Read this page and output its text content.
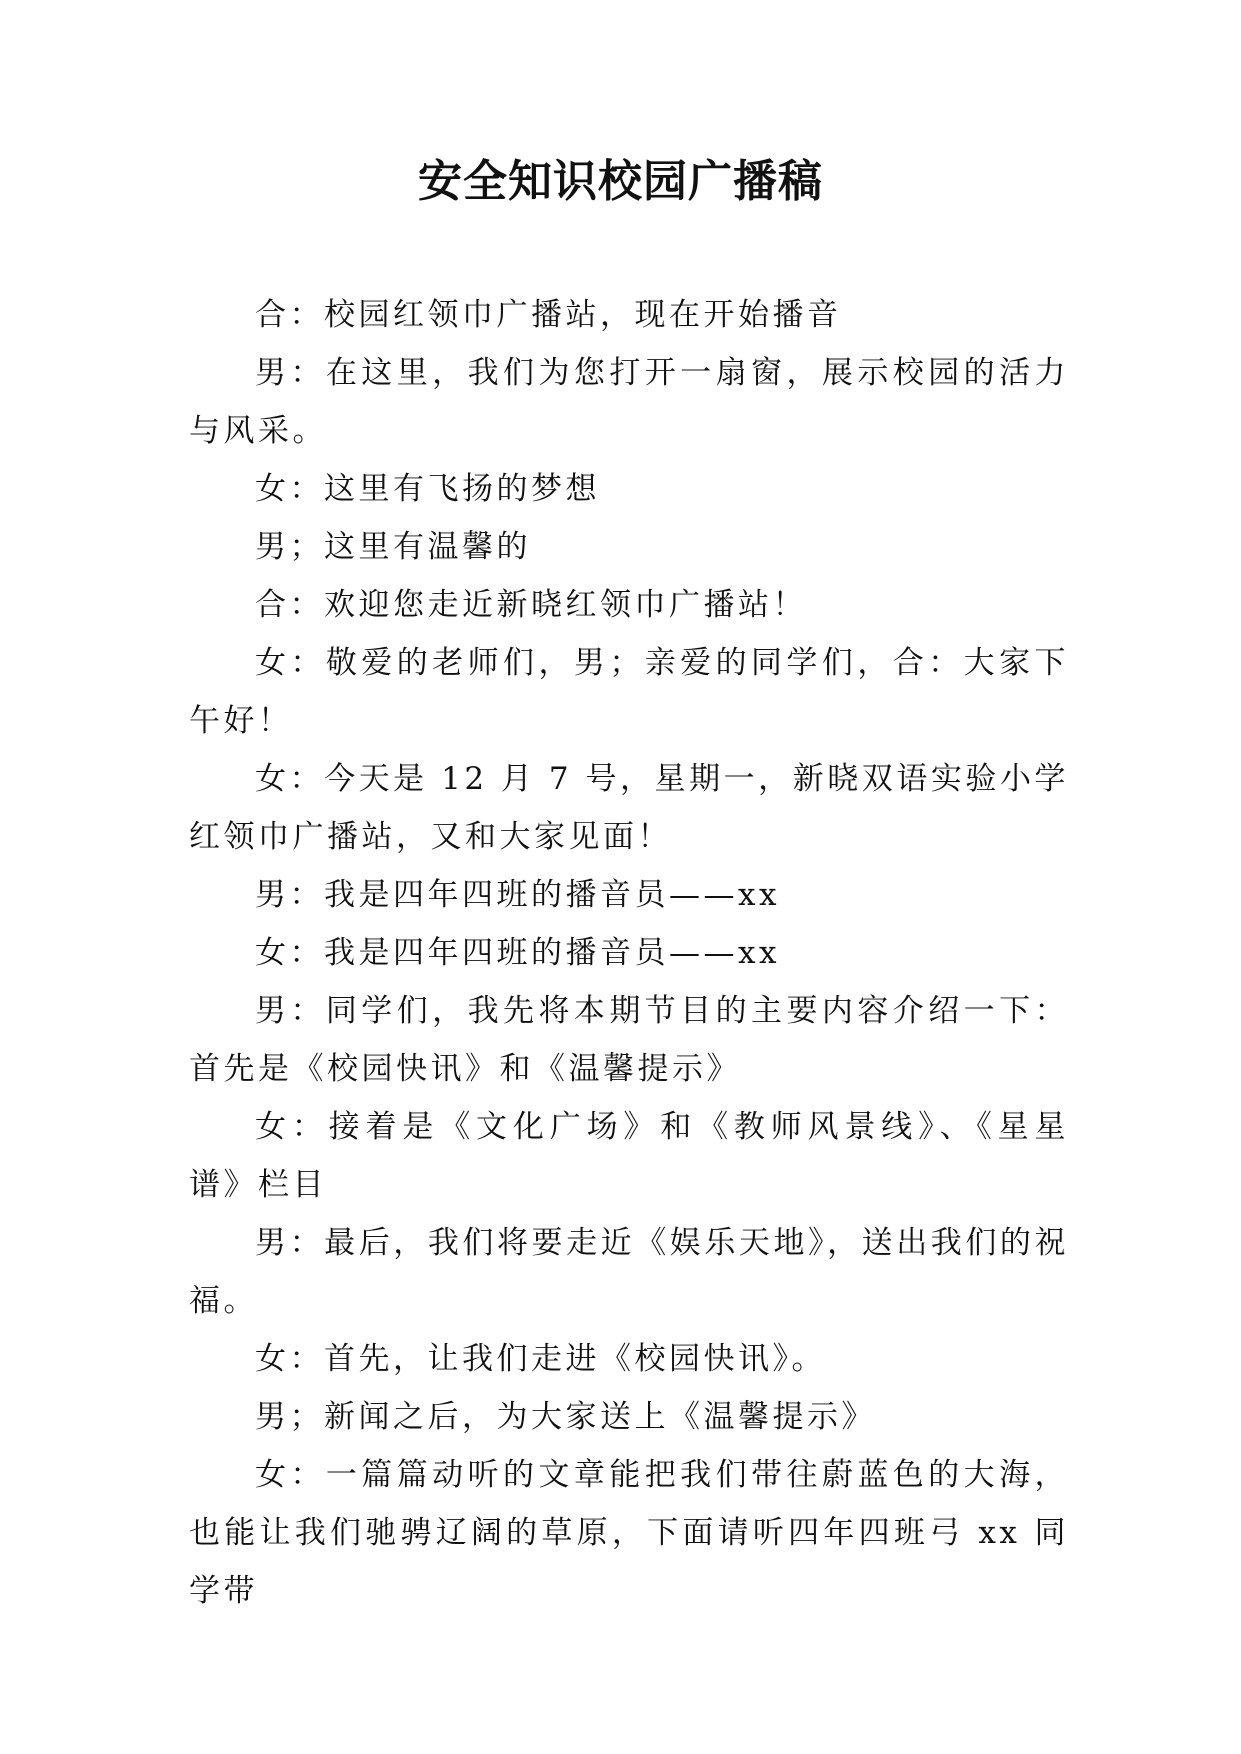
安全知识校园广播稿

合：校园红领巾广播站，现在开始播音

男：在这里，我们为您打开一扇窗，展示校园的活力与风采。

女：这里有飞扬的梦想

男；这里有温馨的

合：欢迎您走近新晓红领巾广播站！

女：敬爱的老师们，男；亲爱的同学们，合：大家下午好！

女：今天是 12 月 7 号，星期一，新晓双语实验小学红领巾广播站，又和大家见面！

男：我是四年四班的播音员——xx

女：我是四年四班的播音员——xx

男：同学们，我先将本期节目的主要内容介绍一下：首先是《校园快讯》和《温馨提示》

女：接着是《文化广场》和《教师风景线》、《星星谱》栏目

男：最后，我们将要走近《娱乐天地》，送出我们的祝福。

女：首先，让我们走进《校园快讯》。

男；新闻之后，为大家送上《温馨提示》

女：一篇篇动听的文章能把我们带往蔚蓝色的大海，也能让我们驰骋辽阔的草原，下面请听四年四班弓 xx 同学带
